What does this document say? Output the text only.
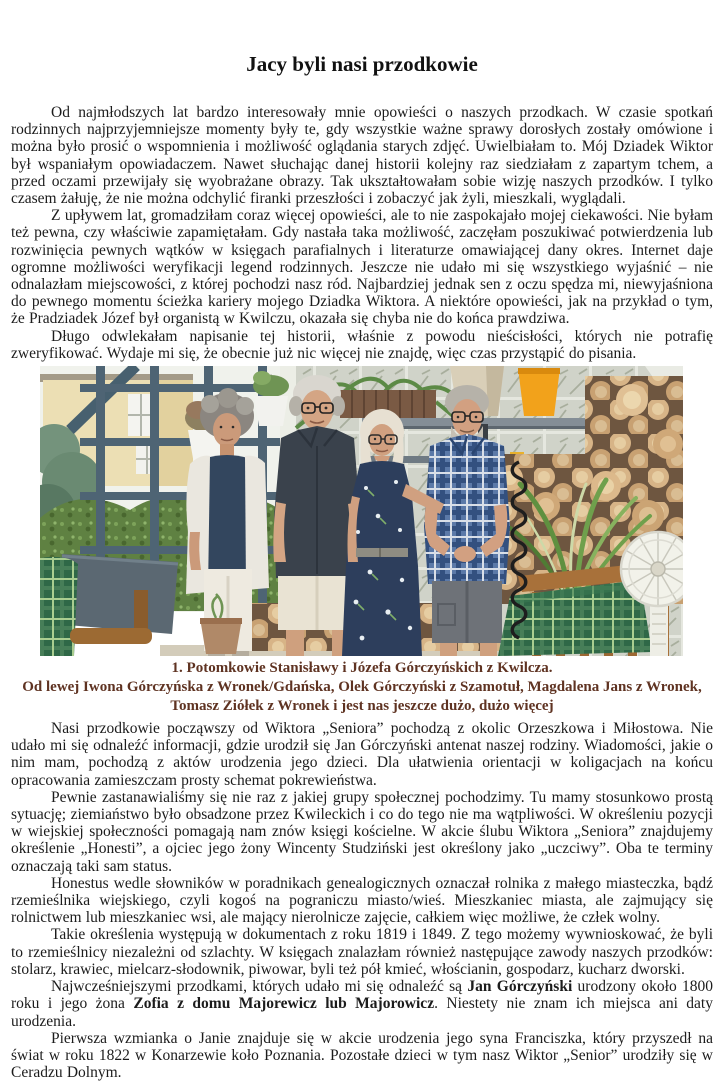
Jacy byli nasi przodkowie

Od najmłodszych lat bardzo interesowały mnie opowieści o naszych przodkach. W czasie spotkań rodzinnych najprzyjemniejsze momenty były te, gdy wszystkie ważne sprawy dorosłych zostały omówione i można było prosić o wspomnienia i możliwość oglądania starych zdjęć. Uwielbiałam to. Mój Dziadek Wiktor był wspaniałym opowiadaczem. Nawet słuchając danej historii kolejny raz siedziałam z zapartym tchem, a przed oczami przewijały się wyobrażane obrazy. Tak ukształtowałam sobie wizję naszych przodków. I tylko czasem żałuję, że nie można odchylić firanki przeszłości i zobaczyć jak żyli, mieszkali, wyglądali.

Z upływem lat, gromadziłam coraz więcej opowieści, ale to nie zaspokajało mojej ciekawości. Nie byłam też pewna, czy właściwie zapamiętałam. Gdy nastała taka możliwość, zaczęłam poszukiwać potwierdzenia lub rozwinięcia pewnych wątków w księgach parafialnych i literaturze omawiającej dany okres. Internet daje ogromne możliwości weryfikacji legend rodzinnych. Jeszcze nie udało mi się wszystkiego wyjaśnić – nie odnalazłam miejscowości, z której pochodzi nasz ród. Najbardziej jednak sen z oczu spędza mi, niewyjaśniona do pewnego momentu ścieżka kariery mojego Dziadka Wiktora. A niektóre opowieści, jak na przykład o tym, że Pradziadek Józef był organistą w Kwilczu, okazała się chyba nie do końca prawdziwa.

Długo odwlekałam napisanie tej historii, właśnie z powodu nieścisłości, których nie potrafię zweryfikować. Wydaje mi się, że obecnie już nic więcej nie znajdę, więc czas przystąpić do pisania.

1. Potomkowie Stanisławy i Józefa Górczyńskich z Kwilcza.
Od lewej Iwona Górczyńska z Wronek/Gdańska, Olek Górczyński z Szamotuł, Magdalena Jans z Wronek,
Tomasz Ziółek z Wronek i jest nas jeszcze dużo, dużo więcej

Nasi przodkowie począwszy od Wiktora „Seniora” pochodzą z okolic Orzeszkowa i Miłostowa. Nie udało mi się odnaleźć informacji, gdzie urodził się Jan Górczyński antenat naszej rodziny. Wiadomości, jakie o nim mam, pochodzą z aktów urodzenia jego dzieci. Dla ułatwienia orientacji w koligacjach na końcu opracowania zamieszczam prosty schemat pokrewieństwa.

Pewnie zastanawialiśmy się nie raz z jakiej grupy społecznej pochodzimy. Tu mamy stosunkowo prostą sytuację; ziemiaństwo było obsadzone przez Kwileckich i co do tego nie ma wątpliwości. W określeniu pozycji w wiejskiej społeczności pomagają nam znów księgi kościelne. W akcie ślubu Wiktora „Seniora” znajdujemy określenie „Honesti”, a ojciec jego żony Wincenty Studziński jest określony jako „uczciwy”. Oba te terminy oznaczają taki sam status.

Honestus wedle słowników w poradnikach genealogicznych oznaczał rolnika z małego miasteczka, bądź rzemieślnika wiejskiego, czyli kogoś na pograniczu miasto/wieś. Mieszkaniec miasta, ale zajmujący się rolnictwem lub mieszkaniec wsi, ale mający nierolnicze zajęcie, całkiem więc możliwe, że człek wolny.

Takie określenia występują w dokumentach z roku 1819 i 1849. Z tego możemy wywnioskować, że byli to rzemieślnicy niezależni od szlachty. W księgach znalazłam również następujące zawody naszych przodków: stolarz, krawiec, mielcarz-słodownik, piwowar, byli też pół kmieć, włościanin, gospodarz, kucharz dworski.

Najwcześniejszymi przodkami, których udało mi się odnaleźć są Jan Górczyński urodzony około 1800 roku i jego żona Zofia z domu Majorewicz lub Majorowicz. Niestety nie znam ich miejsca ani daty urodzenia.

Pierwsza wzmianka o Janie znajduje się w akcie urodzenia jego syna Franciszka, który przyszedł na świat w roku 1822 w Konarzewie koło Poznania. Pozostałe dzieci w tym nasz Wiktor „Senior” urodziły się w Ceradzu Dolnym.
